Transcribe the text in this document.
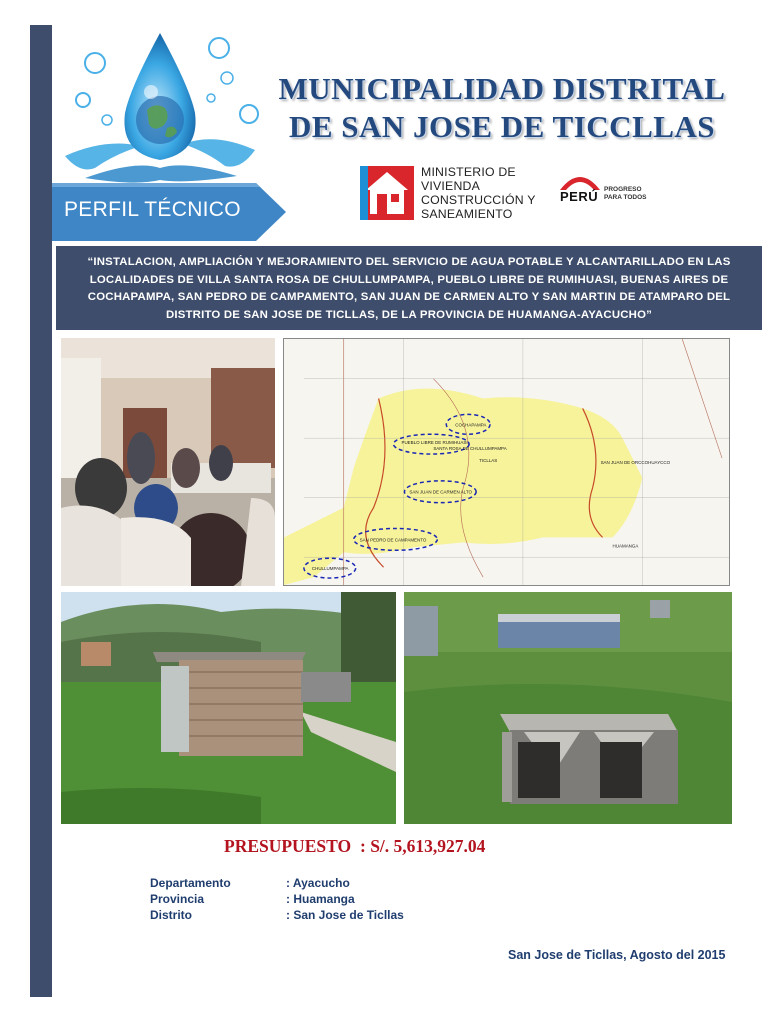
MUNICIPALIDAD DISTRITAL
DE SAN JOSE DE TICCLLAS
PERFIL TÉCNICO
MINISTERIO DE
VIVIENDA
CONSTRUCCIÓN Y
SANEAMIENTO
PERÚ PROGRESO
PARA TODOS
“INSTALACION, AMPLIACIÓN Y MEJORAMIENTO DEL SERVICIO DE AGUA POTABLE Y ALCANTARILLADO EN LAS LOCALIDADES DE VILLA SANTA ROSA DE CHULLUMPAMPA, PUEBLO LIBRE DE RUMIHUASI, BUENAS AIRES DE COCHAPAMPA, SAN PEDRO DE CAMPAMENTO, SAN JUAN DE CARMEN ALTO Y SAN MARTIN DE ATAMPARO DEL DISTRITO DE SAN JOSE DE TICLLAS, DE LA PROVINCIA DE HUAMANGA-AYACUCHO”
COCHAPAMPA
PUEBLO LIBRE DE RUMIHUASI
SANTA ROSA DE CHULLUMPAMPA
SAN JUAN DE CARMEN ALTO
SAN PEDRO DE CAMPAMENTO
CHULLUMPAMPA
TICLLAS	SAN JUAN DE ORCCOHUAYCCO
HUAMANGA
PRESUPUESTO : S/. 5,613,927.04
Departamento	: Ayacucho
Provincia	: Huamanga
Distrito	: San Jose de Ticllas
San Jose de Ticllas, Agosto del 2015
